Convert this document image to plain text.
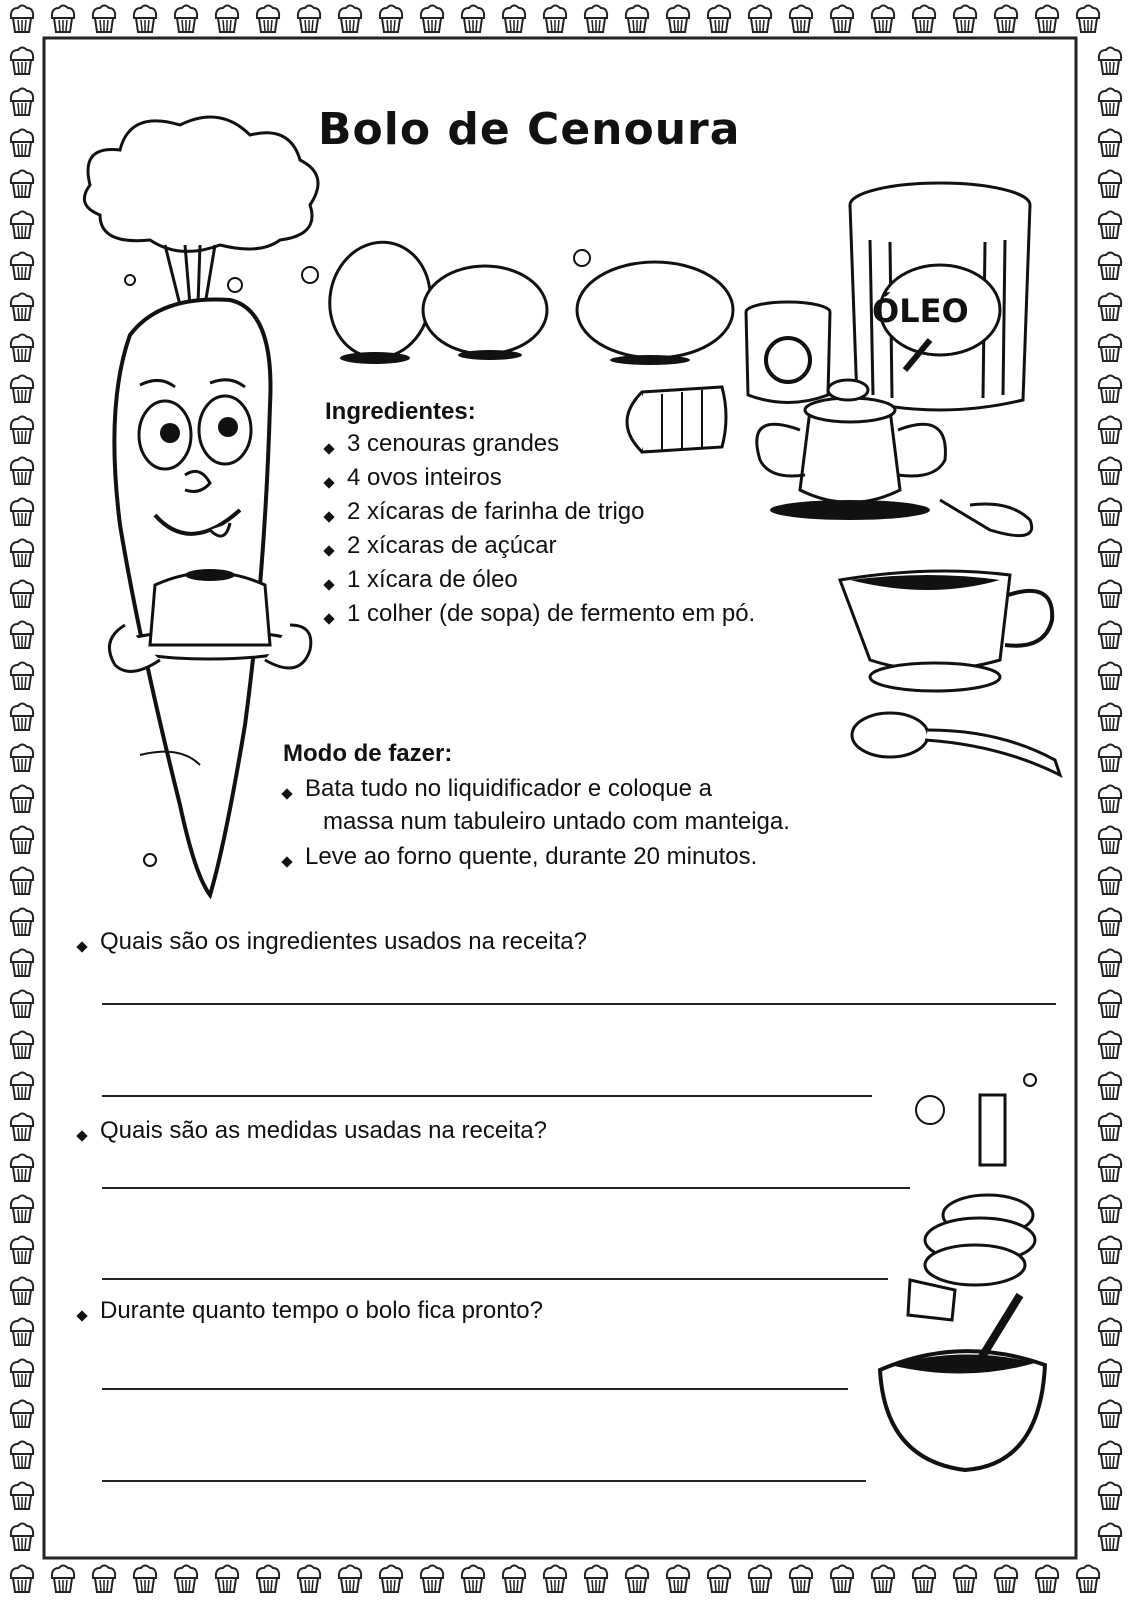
Bolo de Cenoura
ÓLEO
Ingredientes:
3 cenouras grandes
4 ovos inteiros
2 xícaras de farinha de trigo
2 xícaras de açúcar
1 xícara de óleo
1 colher (de sopa) de fermento em pó.
Modo de fazer:
Bata tudo no liquidificador e coloque a
massa num tabuleiro untado com manteiga.
Leve ao forno quente, durante 20 minutos.
Quais são os ingredientes usados na receita?
Quais são as medidas usadas na receita?
Durante quanto tempo o bolo fica pronto?
